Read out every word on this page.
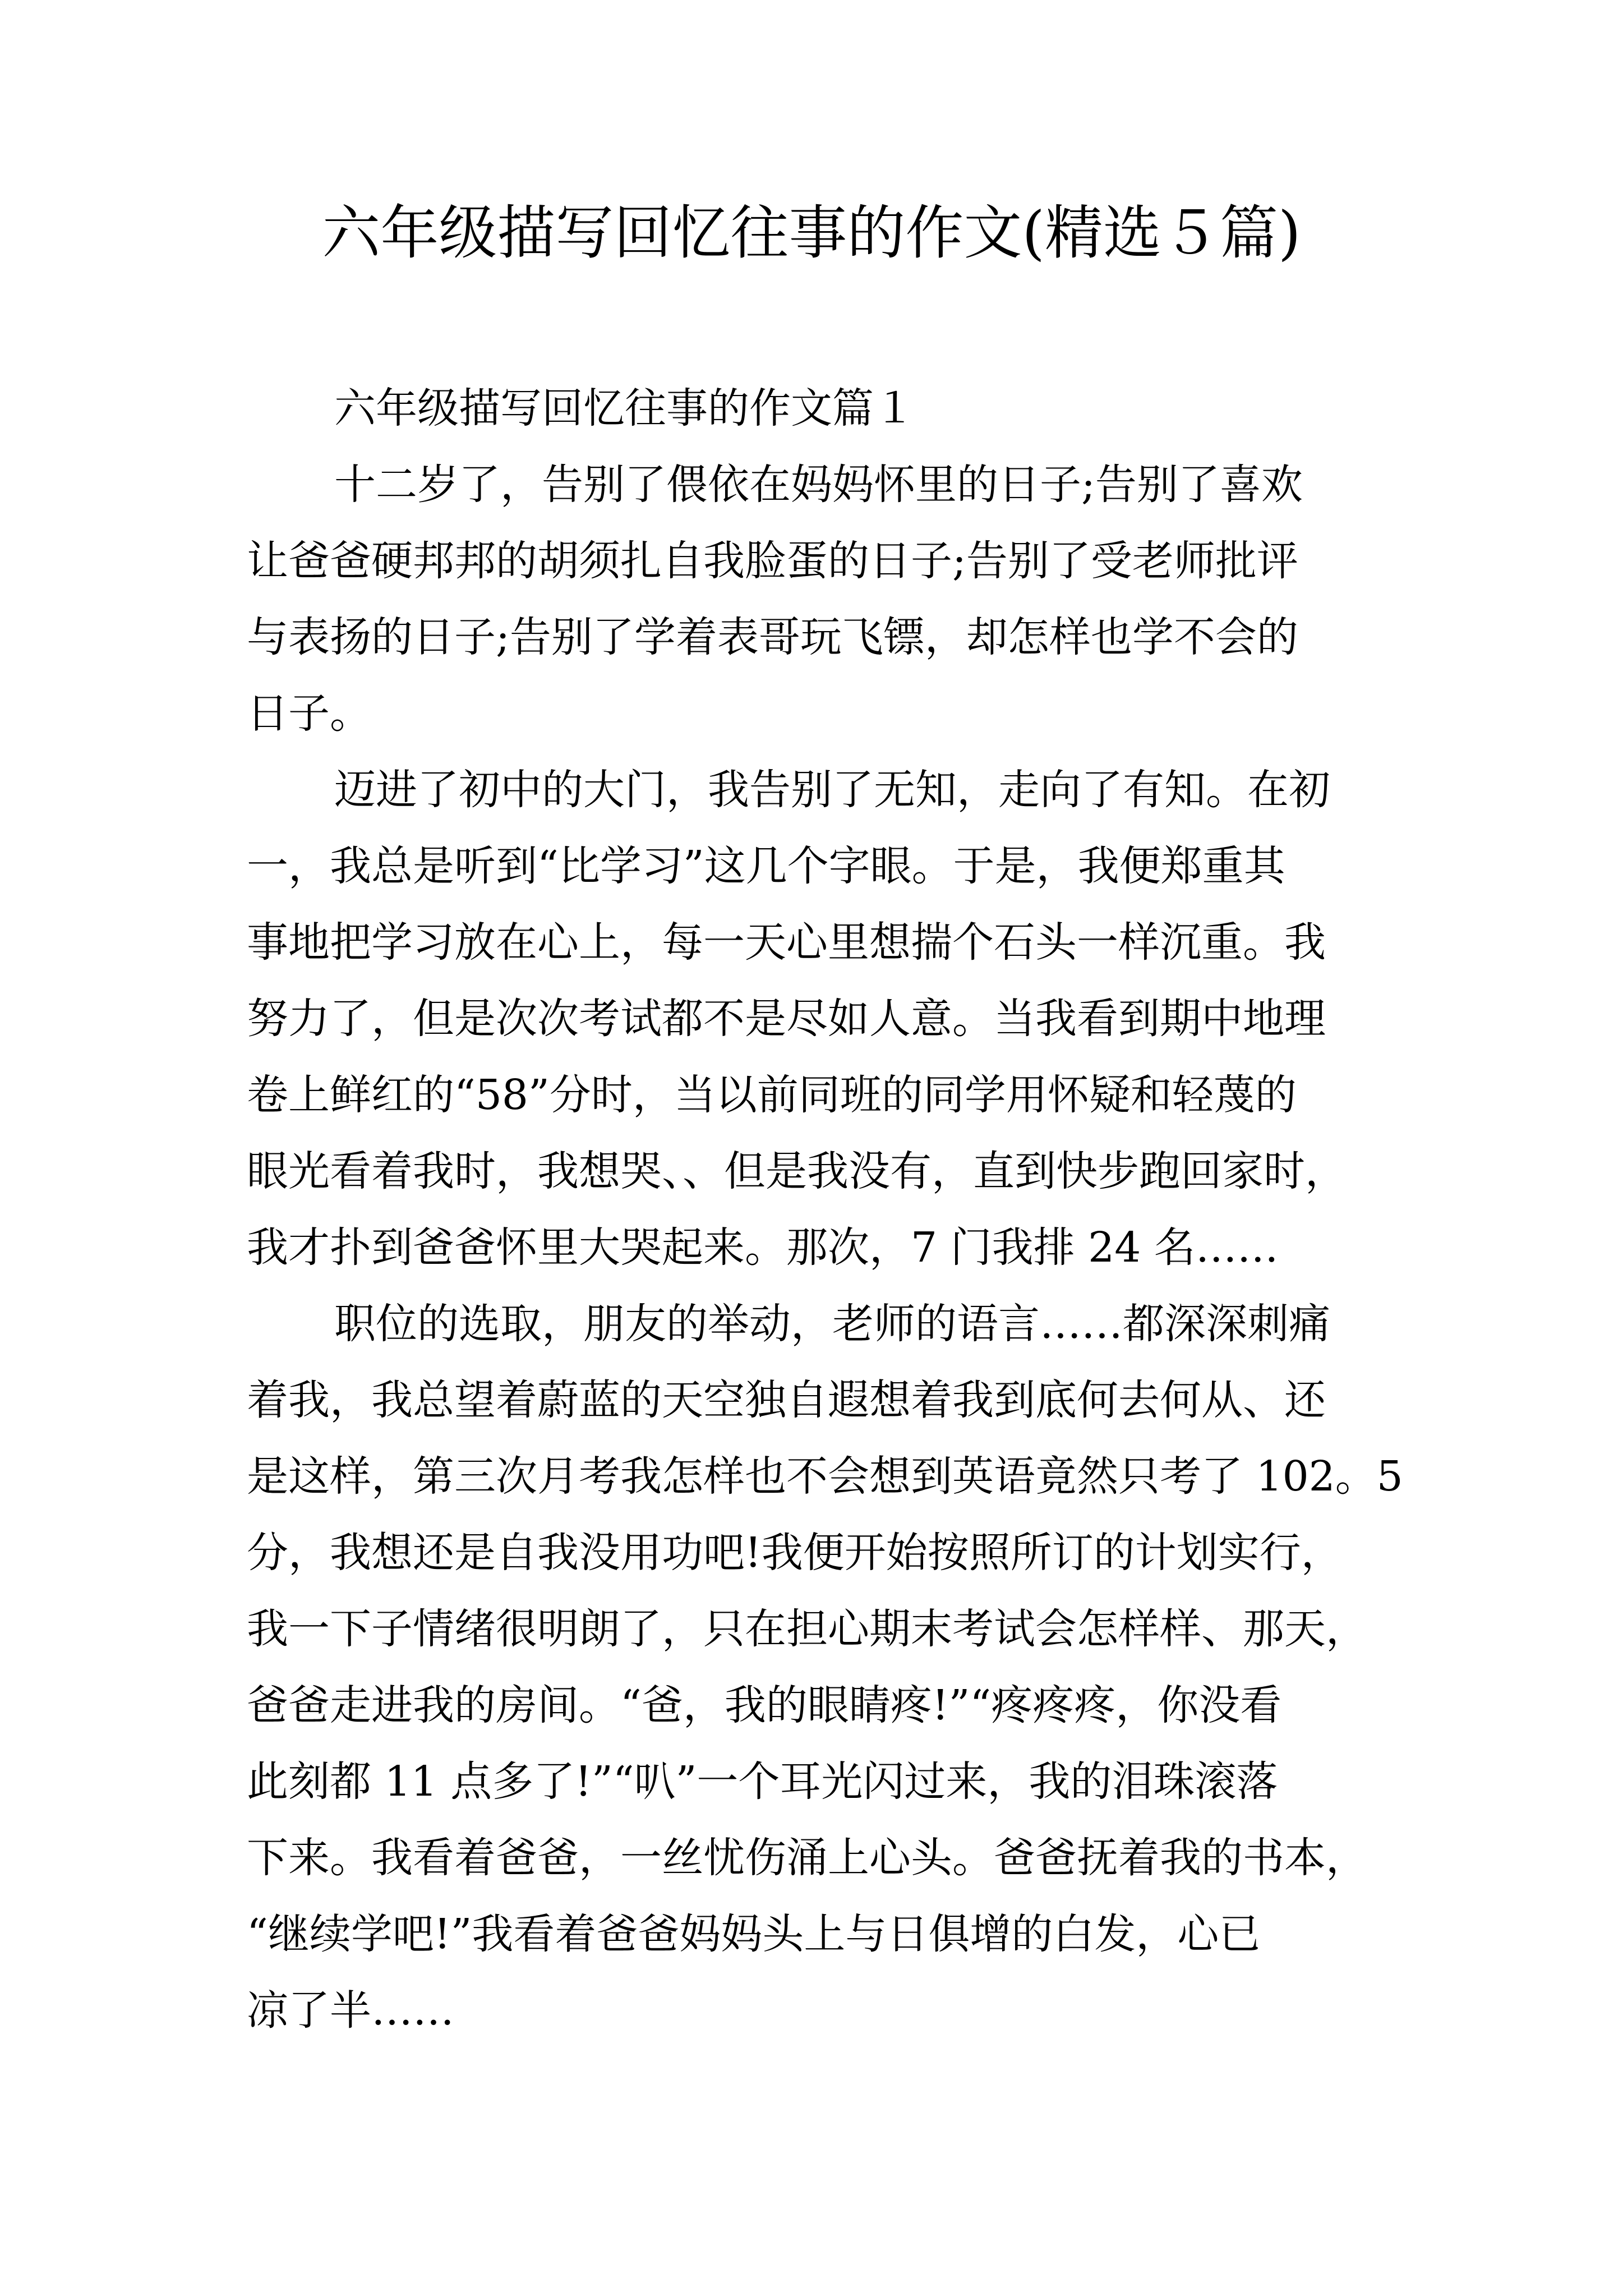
六年级描写回忆往事的作文(精选５篇)
六年级描写回忆往事的作文篇１
十二岁了，告别了偎依在妈妈怀里的日子;告别了喜欢
让爸爸硬邦邦的胡须扎自我脸蛋的日子;告别了受老师批评
与表扬的日子;告别了学着表哥玩飞镖，却怎样也学不会的
日子。
迈进了初中的大门，我告别了无知，走向了有知。在初
一，我总是听到“比学习”这几个字眼。于是，我便郑重其
事地把学习放在心上，每一天心里想揣个石头一样沉重。我
努力了，但是次次考试都不是尽如人意。当我看到期中地理
卷上鲜红的“58”分时，当以前同班的同学用怀疑和轻蔑的
眼光看着我时，我想哭、、但是我没有，直到快步跑回家时，
我才扑到爸爸怀里大哭起来。那次，7 门我排 24 名……
职位的选取，朋友的举动，老师的语言……都深深刺痛
着我，我总望着蔚蓝的天空独自遐想着我到底何去何从、还
是这样，第三次月考我怎样也不会想到英语竟然只考了 102。5
分，我想还是自我没用功吧!我便开始按照所订的计划实行，
我一下子情绪很明朗了，只在担心期末考试会怎样样、那天，
爸爸走进我的房间。“爸，我的眼睛疼!”“疼疼疼，你没看
此刻都 11 点多了!”“叭”一个耳光闪过来，我的泪珠滚落
下来。我看着爸爸，一丝忧伤涌上心头。爸爸抚着我的书本，
“继续学吧!”我看着爸爸妈妈头上与日俱增的白发，心已
凉了半……
